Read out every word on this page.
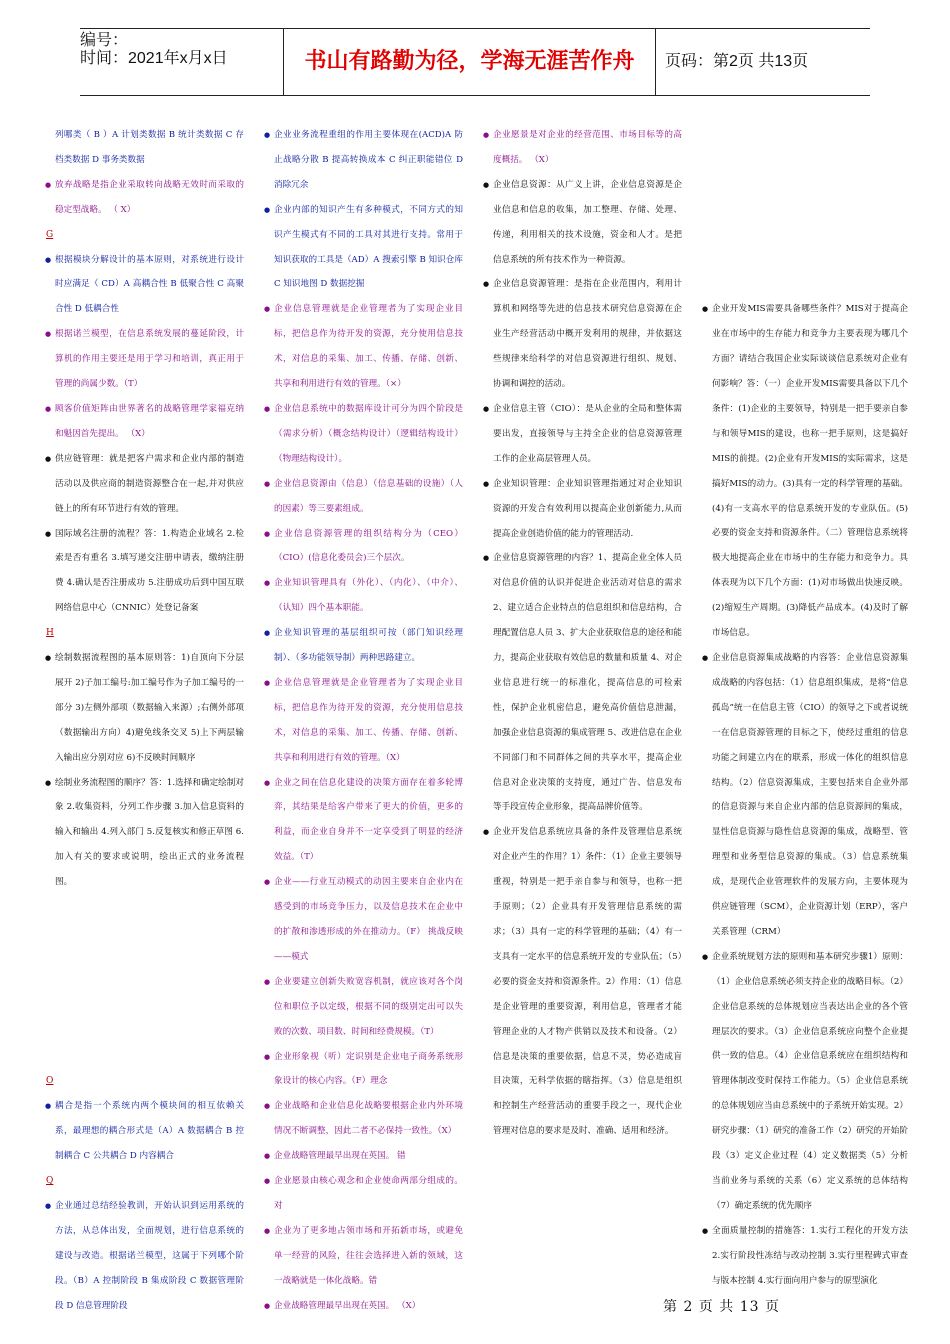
编号：
时间：2021年x月x日	书山有路勤为径，学海无涯苦作舟	页码：第2页 共13页

列哪类（ B ）A 计划类数据 B 统计类数据 C 存档类数据 D 事务类数据

● 放弃战略是指企业采取转向战略无效时而采取的稳定型战略。 （ X）

G

● 根据模块分解设计的基本原则，对系统进行设计时应满足（ CD）A 高耦合性 B 低聚合性 C 高聚合性 D 低耦合性

● 根据诺兰模型，在信息系统发展的蔓延阶段，计算机的作用主要还是用于学习和培训，真正用于管理的尚属少数。（T）

● 顾客价值矩阵由世界著名的战略管理学家福克纳和魁因首先提出。 （X）

● 供应链管理：就是把客户需求和企业内部的制造活动以及供应商的制造资源整合在一起,并对供应链上的所有环节进行有效的管理。

● 国际域名注册的流程？答：1.构造企业域名 2.检索是否有重名 3.填写递交注册申请表，缴纳注册费 4.确认是否注册成功 5.注册成功后到中国互联网络信息中心（CNNIC）处登记备案

H

● 绘制数据流程图的基本原则答：1)自顶向下分层展开 2)子加工编号:加工编号作为子加工编号的一部分 3)左侧外部项（数据输入来源）;右侧外部项（数据输出方向）4)避免线条交叉 5)上下两层输入输出应分别对应 6)不反映时间顺序

● 绘制业务流程图的顺序？答：1.选择和确定绘制对象 2.收集资料，分列工作步骤 3.加入信息资料的输入和输出 4.列入部门 5.反复核实和修正草图 6.加入有关的要求或说明，绘出正式的业务流程图。

O

● 耦合是指一个系统内两个模块间的相互依赖关系，最理想的耦合形式是（A）A 数据耦合 B 控制耦合 C 公共耦合 D 内容耦合

Q

● 企业通过总结经验教训，开始认识到运用系统的方法，从总体出发，全面规划，进行信息系统的建设与改造。根据诺兰模型，这属于下列哪个阶段。（B）A 控制阶段 B 集成阶段 C 数据管理阶段 D 信息管理阶段

● 企业业务流程重组的作用主要体现在(ACD)A 防止战略分散 B 提高转换成本 C 纠正职能错位 D 消除冗余

● 企业内部的知识产生有多种模式，不同方式的知识产生模式有不同的工具对其进行支持。常用于知识获取的工具是（AD）A 搜索引擎 B 知识仓库 C 知识地图 D 数据挖掘

● 企业信息管理就是企业管理者为了实现企业目标，把信息作为待开发的资源，充分使用信息技术，对信息的采集、加工、传播、存储、创新、共享和利用进行有效的管理。（×）

● 企业信息系统中的数据库设计可分为四个阶段是（需求分析）（概念结构设计）（逻辑结构设计）（物理结构设计）。

● 企业信息资源由（信息）（信息基础的设施）（人的因素）等三要素组成。

● 企业信息资源管理的组织结构分为（CEO）（CIO）(信息化委员会)三个层次。

● 企业知识管理具有（外化）、（内化）、（中介）、（认知）四个基本职能。

● 企业知识管理的基层组织可按（部门知识经理制）、（多功能领导制）两种思路建立。

● 企业信息管理就是企业管理者为了实现企业目标，把信息作为待开发的资源，充分使用信息技术，对信息的采集、加工、传播、存储、创新、共享和利用进行有效的管理。（X）

● 企业之间在信息化建设的决策方面存在着多轮博弈，其结果是给客户带来了更大的价值，更多的利益，而企业自身并不一定享受到了明显的经济效益。（T）

● 企业——行业互动模式的动因主要来自企业内在感受到的市场竞争压力，以及信息技术在企业中的扩散和渗透形成的外在推动力。（F） 挑战反映——模式

● 企业要建立创新失败宽容机制，就应该对各个岗位和职位予以定级，根据不同的级别定出可以失败的次数、项目数、时间和经费规模。（T）

● 企业形象视（听）定识别是企业电子商务系统形象设计的核心内容。（F）理念

● 企业战略和企业信息化战略要根据企业内外环境情况不断调整，因此二者不必保持一致性。（X）

● 企业战略管理最早出现在英国。 错

● 企业愿景由核心观念和企业使命两部分组成的。对

● 企业为了更多地占领市场和开拓新市场，或避免单一经营的风险，往往会选择进入新的领域，这一战略就是一体化战略。错

● 企业战略管理最早出现在英国。 （X）

● 企业愿景是对企业的经营范围、市场目标等的高度概括。 （X）

● 企业信息资源：从广义上讲，企业信息资源是企业信息和信息的收集，加工整理、存储、处理、传递，利用相关的技术设施，资金和人才。是把信息系统的所有技术作为一种资源。

● 企业信息资源管理：是指在企业范围内，利用计算机和网络等先进的信息技术研究信息资源在企业生产经营活动中概开发利用的规律，并依据这些规律来给科学的对信息资源进行组织、规划、协调和调控的活动。

● 企业信息主管（CIO）：是从企业的全局和整体需要出发，直接领导与主持全企业的信息资源管理工作的企业高层管理人员。

● 企业知识管理：企业知识管理指通过对企业知识资源的开发合有效利用以提高企业创新能力,从而提高企业创造价值的能力的管理活动.

● 企业信息资源管理的内容？1、提高企业全体人员对信息价值的认识并促进企业活动对信息的需求 2、建立适合企业特点的信息组织和信息结构，合理配置信息人员 3、扩大企业获取信息的途径和能力，提高企业获取有效信息的数量和质量 4、对企业信息进行统一的标准化，提高信息的可检索性，保护企业机密信息，避免高价值信息泄漏，加强企业信息资源的集成管理 5、改进信息在企业不同部门和不同群体之间的共享水平，提高企业信息对企业决策的支持度，通过广告、信息发布等手段宣传企业形象，提高品牌价值等。

● 企业开发信息系统应具备的条件及管理信息系统对企业产生的作用？1）条件：（1）企业主要领导重视，特别是一把手亲自参与和领导，也称一把手原则；（2）企业具有开发管理信息系统的需求；（3）具有一定的科学管理的基础；（4）有一支具有一定水平的信息系统开发的专业队伍；（5）必要的资金支持和资源条件。2）作用：（1）信息是企业管理的重要资源，利用信息，管理者才能管理企业的人才物产供销以及技术和设备。（2）信息是决策的重要依据，信息不灵，势必造成盲目决策，无科学依据的瞎指挥。（3）信息是组织和控制生产经营活动的重要手段之一，现代企业管理对信息的要求是及时、准确、适用和经济。

● 企业开发MIS需要具备哪些条件？MIS对于提高企业在市场中的生存能力和竞争力主要表现为哪几个方面？请结合我国企业实际谈谈信息系统对企业有何影响？答：（一）企业开发MIS需要具备以下几个条件：(1)企业的主要领导，特别是一把手要亲自参与和领导MIS的建设，也称一把手原则，这是搞好MIS的前提。(2)企业有开发MIS的实际需求，这是搞好MIS的动力。(3)具有一定的科学管理的基础。(4)有一支高水平的信息系统开发的专业队伍。(5)必要的资金支持和资源条件。（二）管理信息系统将极大地提高企业在市场中的生存能力和竞争力。具体表现为以下几个方面：(1)对市场做出快速反映。(2)缩短生产周期。(3)降低产品成本。(4)及时了解市场信息。

● 企业信息资源集成战略的内容答：企业信息资源集成战略的内容包括：（1）信息组织集成，是将“信息孤岛”统一在信息主管（CIO）的领导之下或者说统一在信息资源管理的目标之下，使经过重组的信息功能之间建立内在的联系，形成一体化的组织信息结构。（2）信息资源集成，主要包括来自企业外部的信息资源与来自企业内部的信息资源间的集成，显性信息资源与隐性信息资源的集成，战略型、管理型和业务型信息资源的集成。（3）信息系统集成，是现代企业管理软件的发展方向，主要体现为供应链管理（SCM），企业资源计划（ERP），客户关系管理（CRM）

● 企业系统规划方法的原则和基本研究步骤1）原则：（1）企业信息系统必须支持企业的战略目标。（2）企业信息系统的总体规划应当表达出企业的各个管理层次的要求。（3）企业信息系统应向整个企业提供一致的信息。（4）企业信息系统应在组织结构和管理体制改变时保持工作能力。（5）企业信息系统的总体规划应当由总系统中的子系统开始实现。2）研究步骤：（1）研究的准备工作（2）研究的开始阶段（3）定义企业过程（4）定义数据类（5）分析当前业务与系统的关系（6）定义系统的总体结构（7）确定系统的优先顺序

● 全面质量控制的措施答：1.实行工程化的开发方法 2.实行阶段性冻结与改动控制 3.实行里程碑式审查与版本控制 4.实行面向用户参与的原型演化

第 2 页 共 13 页
